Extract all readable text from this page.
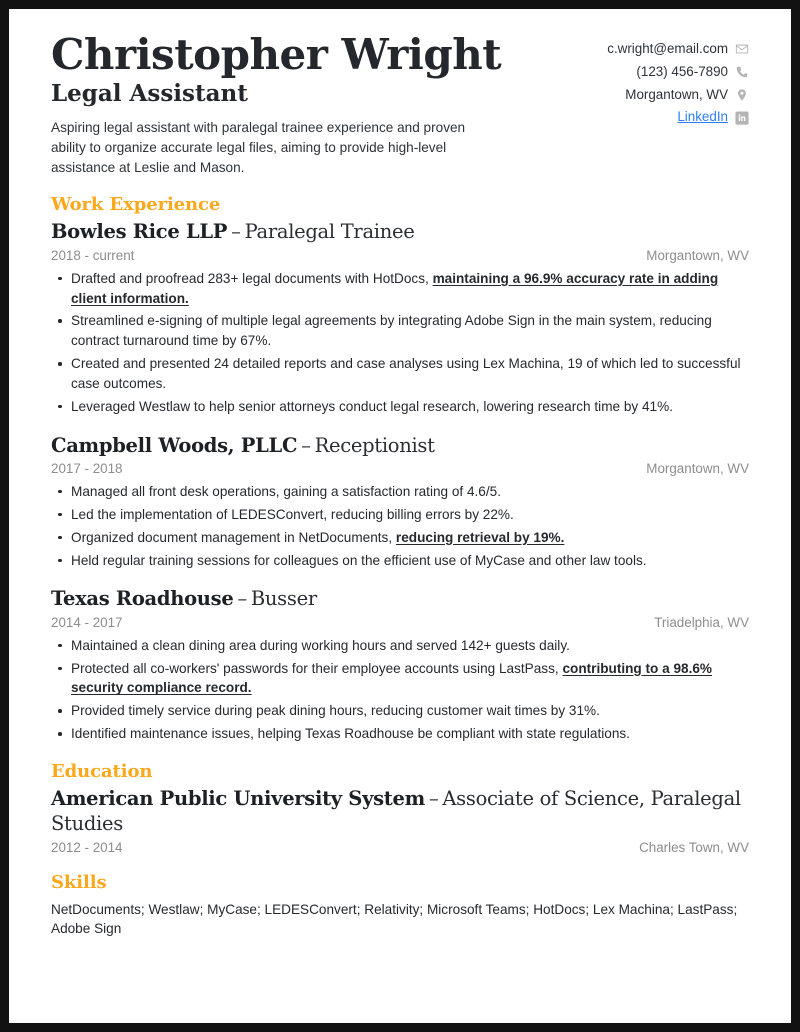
Christopher Wright
Legal Assistant
Aspiring legal assistant with paralegal trainee experience and proven ability to organize accurate legal files, aiming to provide high-level assistance at Leslie and Mason.
c.wright@email.com
(123) 456-7890
Morgantown, WV
LinkedIn
Work Experience
Bowles Rice LLP – Paralegal Trainee
2018 - current	Morgantown, WV
Drafted and proofread 283+ legal documents with HotDocs, maintaining a 96.9% accuracy rate in adding client information.
Streamlined e-signing of multiple legal agreements by integrating Adobe Sign in the main system, reducing contract turnaround time by 67%.
Created and presented 24 detailed reports and case analyses using Lex Machina, 19 of which led to successful case outcomes.
Leveraged Westlaw to help senior attorneys conduct legal research, lowering research time by 41%.
Campbell Woods, PLLC – Receptionist
2017 - 2018	Morgantown, WV
Managed all front desk operations, gaining a satisfaction rating of 4.6/5.
Led the implementation of LEDESConvert, reducing billing errors by 22%.
Organized document management in NetDocuments, reducing retrieval by 19%.
Held regular training sessions for colleagues on the efficient use of MyCase and other law tools.
Texas Roadhouse – Busser
2014 - 2017	Triadelphia, WV
Maintained a clean dining area during working hours and served 142+ guests daily.
Protected all co-workers' passwords for their employee accounts using LastPass, contributing to a 98.6% security compliance record.
Provided timely service during peak dining hours, reducing customer wait times by 31%.
Identified maintenance issues, helping Texas Roadhouse be compliant with state regulations.
Education
American Public University System – Associate of Science, Paralegal Studies
2012 - 2014	Charles Town, WV
Skills
NetDocuments; Westlaw; MyCase; LEDESConvert; Relativity; Microsoft Teams; HotDocs; Lex Machina; LastPass; Adobe Sign
